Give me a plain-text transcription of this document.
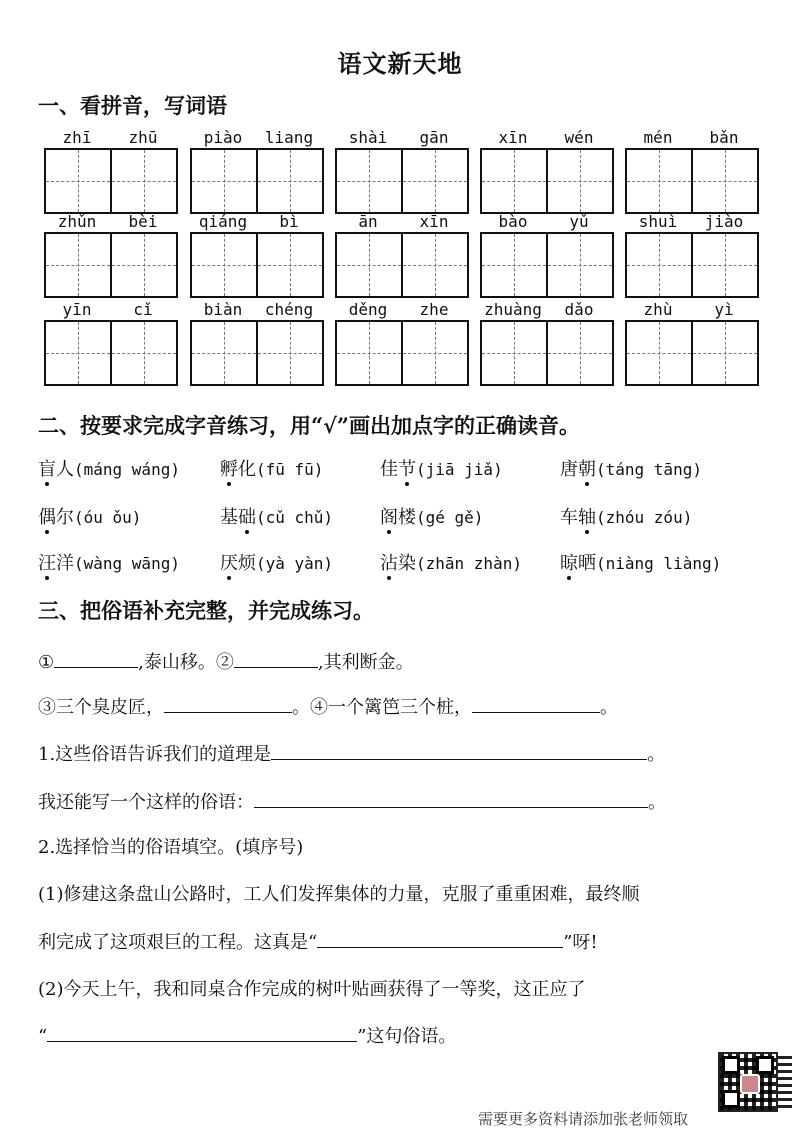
语文新天地
一、看拼音，写词语
zhī	zhū	piào	liang	shài	gān	xīn	wén	mén	bǎn
zhǔn	bèi	qiáng	bì	ān	xīn	bào	yǔ	shuì	jiào
yīn	cǐ	biàn	chéng	děng	zhe	zhuàng	dǎo	zhù	yì
二、按要求完成字音练习，用“√”画出加点字的正确读音。
盲人(máng wáng) 孵化(fū fū)	佳节(jiā jiǎ)	唐朝(táng tāng)
偶尔(óu ǒu)	基础(cǔ chǔ)	阁楼(gé gě)	车轴(zhóu zóu)
汪洋(wàng wāng) 厌烦(yà yàn)	沾染(zhān zhàn) 晾晒(niàng liàng)
三、把俗语补充完整，并完成练习。
①	,泰山移。②	,其利断金。
③三个臭皮匠，	。④一个篱笆三个桩，	。
1.这些俗语告诉我们的道理是	。
我还能写一个这样的俗语：	。
2.选择恰当的俗语填空。(填序号)
(1)修建这条盘山公路时，工人们发挥集体的力量，克服了重重困难，最终顺
利完成了这项艰巨的工程。这真是“	”呀!
(2)今天上午，我和同桌合作完成的树叶贴画获得了一等奖，这正应了
“	”这句俗语。
需要更多资料请添加张老师领取
